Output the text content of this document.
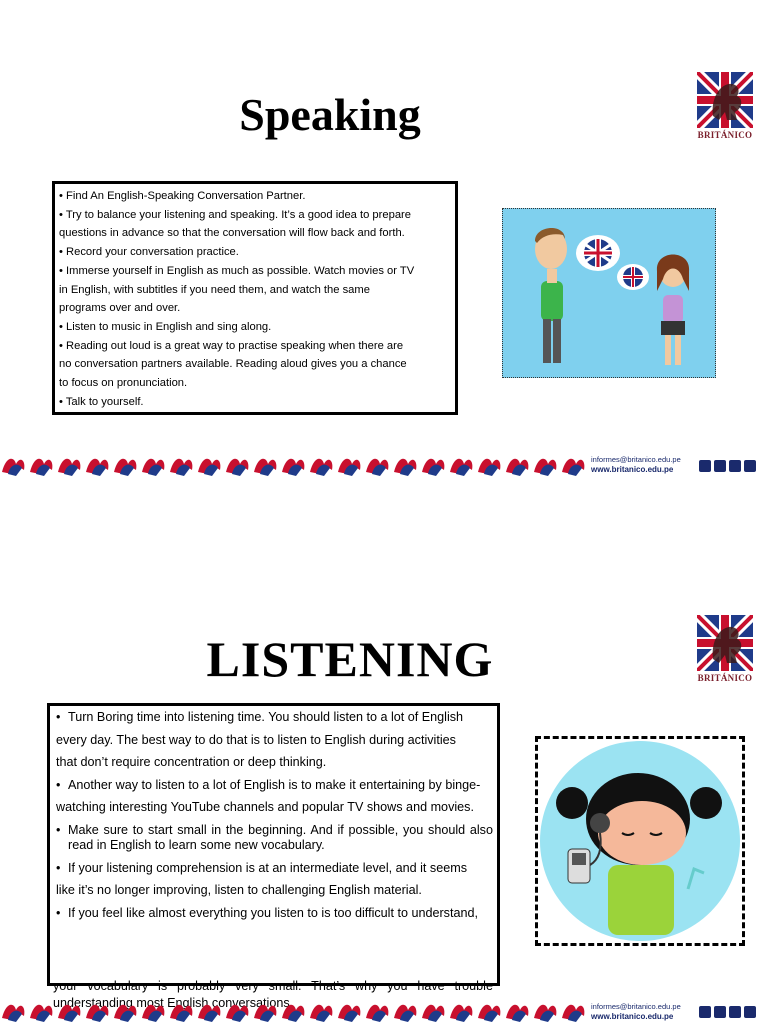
Speaking	BRITÁNICO
• Find An English-Speaking Conversation Partner.
• Try to balance your listening and speaking. It’s a good idea to prepare
questions in advance so that the conversation will flow back and forth.
• Record your conversation practice.
• Immerse yourself in English as much as possible. Watch movies or TV
in English, with subtitles if you need them, and watch the same
programs over and over.
• Listen to music in English and sing along.
• Reading out loud is a great way to practise speaking when there are
no conversation partners available. Reading aloud gives you a chance
to focus on pronunciation.
• Talk to yourself.
informes@britanico.edu.pe
www.britanico.edu.pe
LISTENING	BRITÁNICO
• Turn Boring time into listening time. You should listen to a lot of English
every day. The best way to do that is to listen to English during activities
that don’t require concentration or deep thinking.
• Another way to listen to a lot of English is to make it entertaining by binge-
watching interesting YouTube channels and popular TV shows and movies.
• Make sure to start small in the beginning. And if possible, you should also read in English to learn some new vocabulary.
• If your listening comprehension is at an intermediate level, and it seems
like it’s no longer improving, listen to challenging English material.
• If you feel like almost everything you listen to is too difficult to understand,
your vocabulary is probably very small. That’s why you have trouble
informes@britanico.edu.pe
www.britanico.edu.pe
